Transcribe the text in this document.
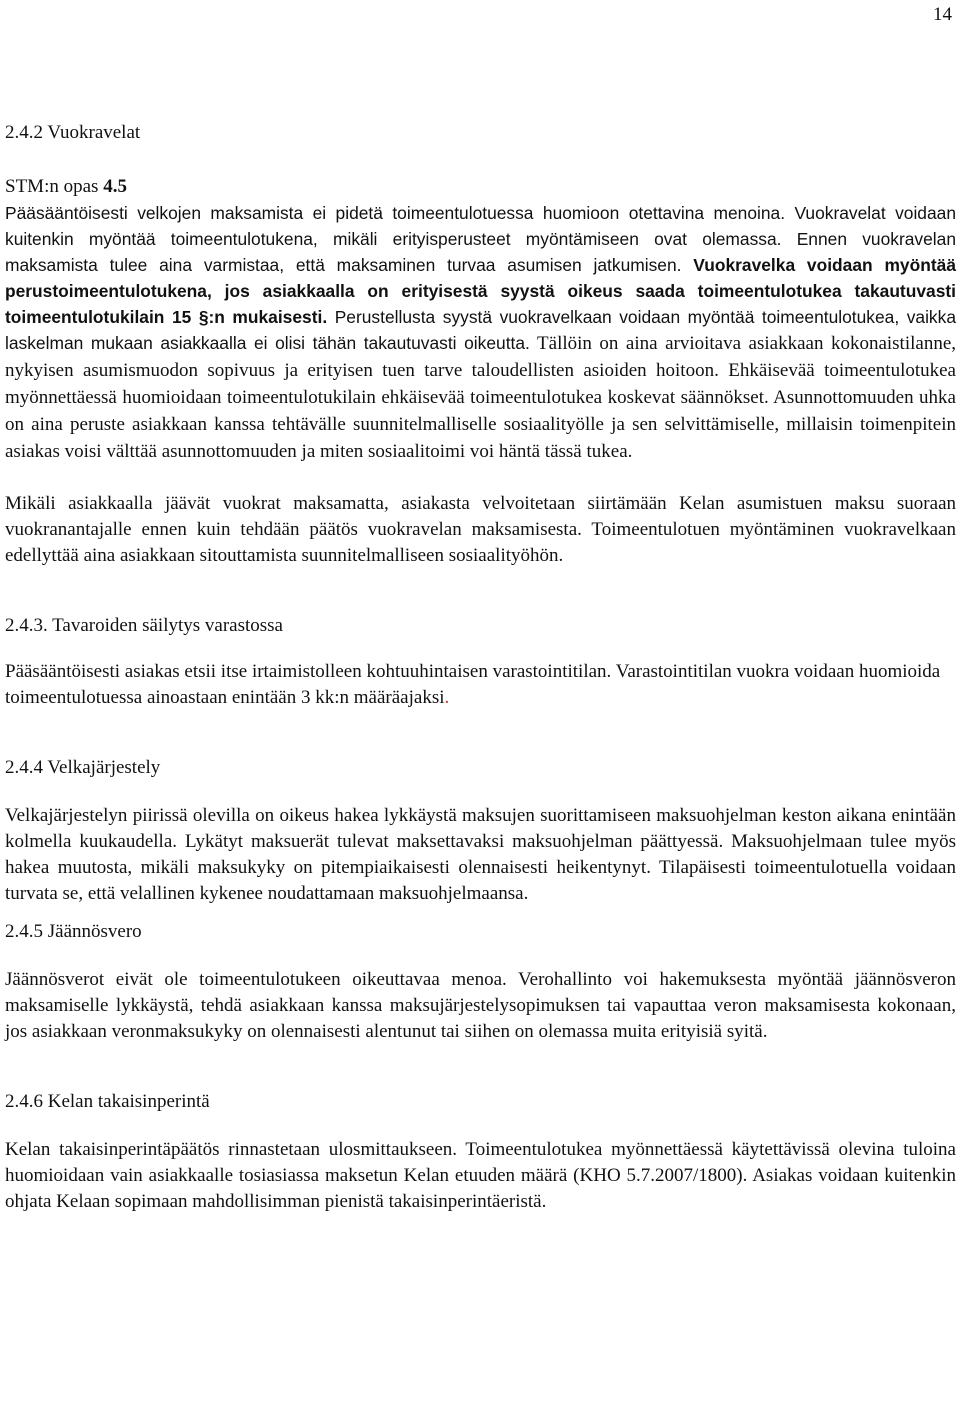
14

2.4.2 Vuokravelat

STM:n opas 4.5

Pääsääntöisesti velkojen maksamista ei pidetä toimeentulotuessa huomioon otettavina menoina. Vuokravelat voidaan kuitenkin myöntää toimeentulotukena, mikäli erityisperusteet myöntämiseen ovat olemassa. Ennen vuokravelan maksamista tulee aina varmistaa, että maksaminen turvaa asumisen jatkumisen. Vuokravelka voidaan myöntää perustoimeentulotukena, jos asiakkaalla on erityisestä syystä oikeus saada toimeentulotukea takautuvasti toimeentulotukilain 15 §:n mukaisesti. Perustellusta syystä vuokravelkaan voidaan myöntää toimeentulotukea, vaikka laskelman mukaan asiakkaalla ei olisi tähän takautuvasti oikeutta. Tällöin on aina arvioitava asiakkaan kokonaistilanne, nykyisen asumismuodon sopivuus ja erityisen tuen tarve taloudellisten asioiden hoitoon. Ehkäisevää toimeentulotukea myönnettäessä huomioidaan toimeentulotukilain ehkäisevää toimeentulotukea koskevat säännökset. Asunnottomuuden uhka on aina peruste asiakkaan kanssa tehtävälle suunnitelmalliselle sosiaalityölle ja sen selvittämiselle, millaisin toimenpitein asiakas voisi välttää asunnottomuuden ja miten sosiaalitoimi voi häntä tässä tukea.

Mikäli asiakkaalla jäävät vuokrat maksamatta, asiakasta velvoitetaan siirtämään Kelan asumistuen maksu suoraan vuokranantajalle ennen kuin tehdään päätös vuokravelan maksamisesta. Toimeentulotuen myöntäminen vuokravelkaan edellyttää aina asiakkaan sitouttamista suunnitelmalliseen sosiaalityöhön.

2.4.3. Tavaroiden säilytys varastossa

Pääsääntöisesti asiakas etsii itse irtaimistolleen kohtuuhintaisen varastointitilan. Varastointitilan vuokra voidaan huomioida toimeentulotuessa ainoastaan enintään 3 kk:n määräajaksi.

2.4.4 Velkajärjestely

Velkajärjestelyn piirissä olevilla on oikeus hakea lykkäystä maksujen suorittamiseen maksuohjelman keston aikana enintään kolmella kuukaudella. Lykätyt maksuerät tulevat maksettavaksi maksuohjelman päättyessä. Maksuohjelmaan tulee myös hakea muutosta, mikäli maksukyky on pitempiaikaisesti olennaisesti heikentynyt. Tilapäisesti toimeentulotuella voidaan turvata se, että velallinen kykenee noudattamaan maksuohjelmaansa.

2.4.5 Jäännösvero

Jäännösverot eivät ole toimeentulotukeen oikeuttavaa menoa. Verohallinto voi hakemuksesta myöntää jäännösveron maksamiselle lykkäystä, tehdä asiakkaan kanssa maksujärjestelysopimuksen tai vapauttaa veron maksamisesta kokonaan, jos asiakkaan veronmaksukyky on olennaisesti alentunut tai siihen on olemassa muita erityisiä syitä.

2.4.6 Kelan takaisinperintä

Kelan takaisinperintäpäätös rinnastetaan ulosmittaukseen. Toimeentulotukea myönnettäessä käytettävissä olevina tuloina huomioidaan vain asiakkaalle tosiasiassa maksetun Kelan etuuden määrä (KHO 5.7.2007/1800). Asiakas voidaan kuitenkin ohjata Kelaan sopimaan mahdollisimman pienistä takaisinperintäeristä.
